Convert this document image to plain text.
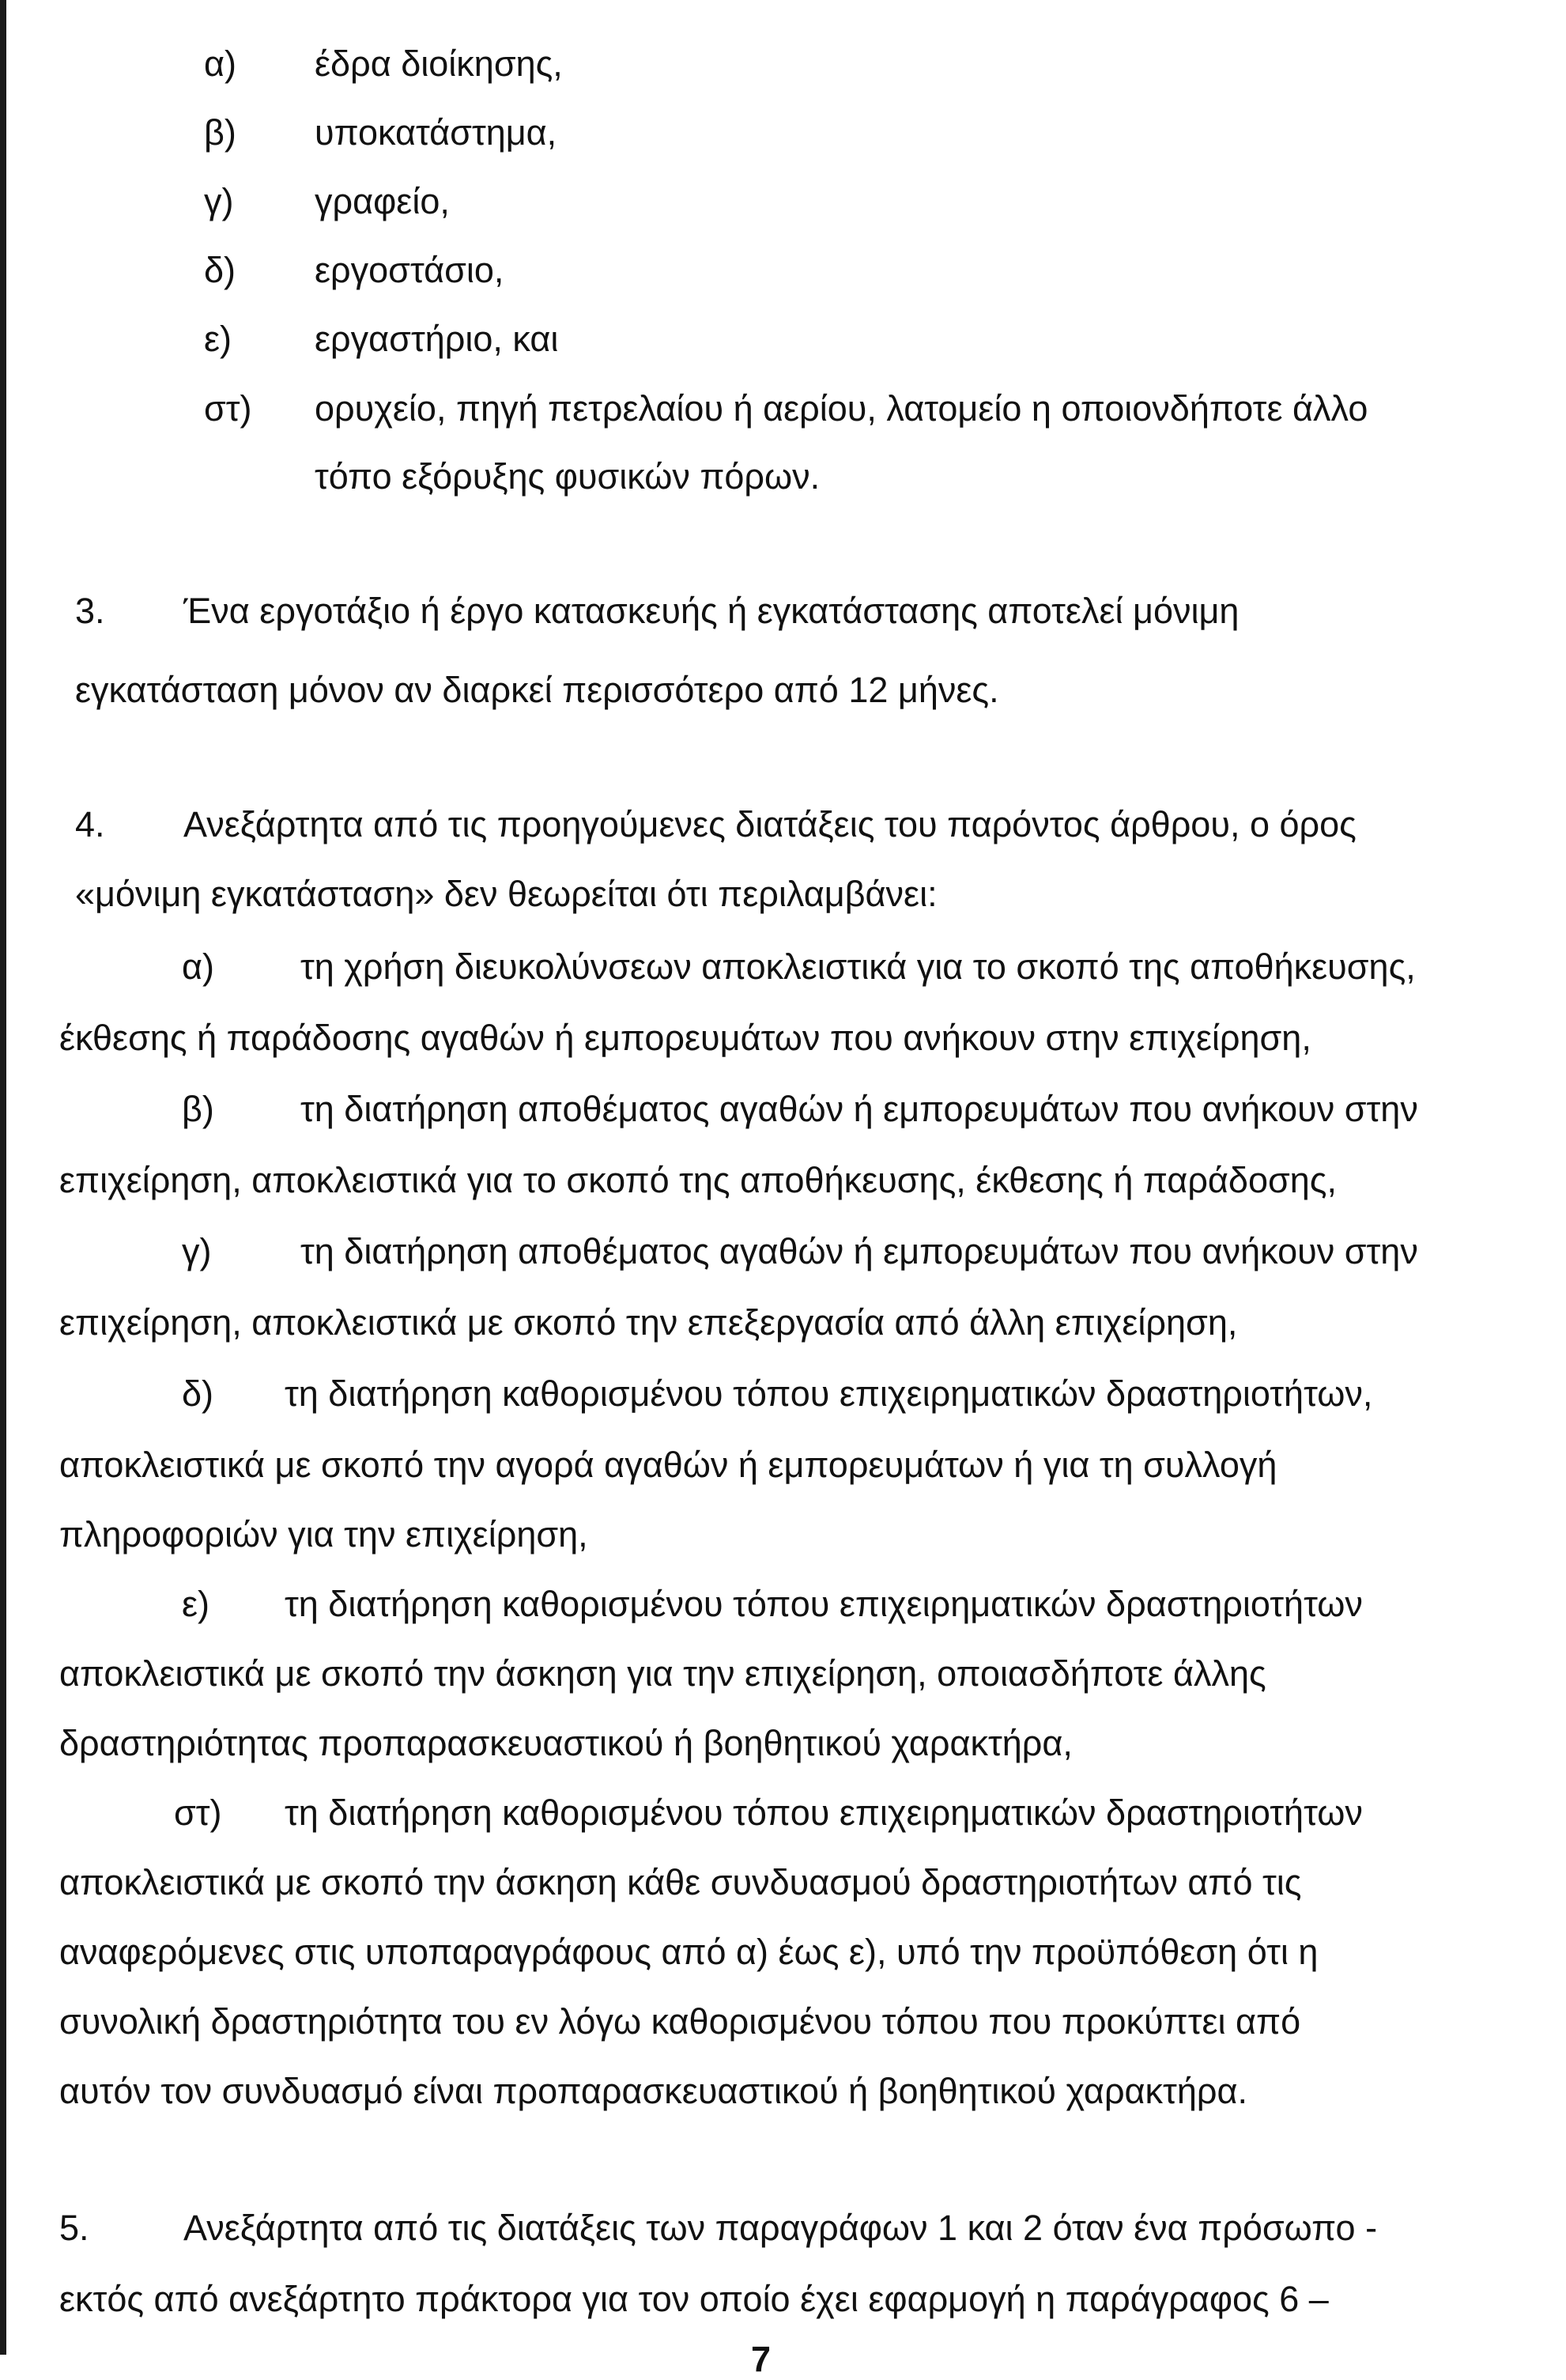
α) έδρα διοίκησης,
β) υποκατάστημα,
γ) γραφείο,
δ) εργοστάσιο,
ε) εργαστήριο, και
στ) ορυχείο, πηγή πετρελαίου ή αερίου, λατομείο η οποιονδήποτε άλλο
τόπο εξόρυξης φυσικών πόρων.
3. Ένα εργοτάξιο ή έργο κατασκευής ή εγκατάστασης αποτελεί μόνιμη
εγκατάσταση μόνον αν διαρκεί περισσότερο από 12 μήνες.
4. Ανεξάρτητα από τις προηγούμενες διατάξεις του παρόντος άρθρου, ο όρος
«μόνιμη εγκατάσταση» δεν θεωρείται ότι περιλαμβάνει:
α) τη χρήση διευκολύνσεων αποκλειστικά για το σκοπό της αποθήκευσης,
έκθεσης ή παράδοσης αγαθών ή εμπορευμάτων που ανήκουν στην επιχείρηση,
β) τη διατήρηση αποθέματος αγαθών ή εμπορευμάτων που ανήκουν στην
επιχείρηση, αποκλειστικά για το σκοπό της αποθήκευσης, έκθεσης ή παράδοσης,
γ)	τη διατήρηση αποθέματος αγαθών ή εμπορευμάτων που ανήκουν στην
επιχείρηση, αποκλειστικά με σκοπό την επεξεργασία από άλλη επιχείρηση,
δ) τη διατήρηση καθορισμένου τόπου επιχειρηματικών δραστηριοτήτων,
αποκλειστικά με σκοπό την αγορά αγαθών ή εμπορευμάτων ή για τη συλλογή
πληροφοριών για την επιχείρηση,
ε) τη διατήρηση καθορισμένου τόπου επιχειρηματικών δραστηριοτήτων
αποκλειστικά με σκοπό την άσκηση για την επιχείρηση, οποιασδήποτε άλλης
δραστηριότητας προπαρασκευαστικού ή βοηθητικού χαρακτήρα,
στ) τη διατήρηση καθορισμένου τόπου επιχειρηματικών δραστηριοτήτων
αποκλειστικά με σκοπό την άσκηση κάθε συνδυασμού δραστηριοτήτων από τις
αναφερόμενες στις υποπαραγράφους από α) έως ε), υπό την προϋπόθεση ότι η
συνολική δραστηριότητα του εν λόγω καθορισμένου τόπου που προκύπτει από
αυτόν τον συνδυασμό είναι προπαρασκευαστικού ή βοηθητικού χαρακτήρα.
5.	Ανεξάρτητα από τις διατάξεις των παραγράφων 1 και 2 όταν ένα πρόσωπο -
εκτός από ανεξάρτητο πράκτορα για τον οποίο έχει εφαρμογή η παράγραφος 6 –
7
